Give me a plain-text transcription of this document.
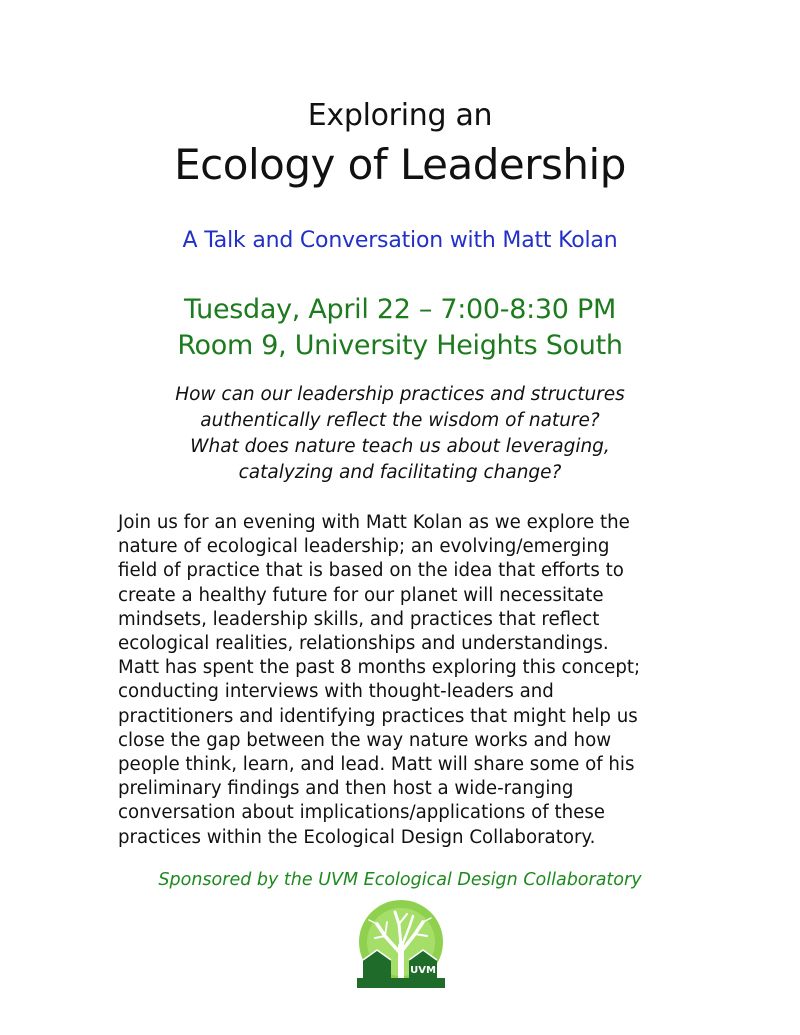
Exploring an
Ecology of Leadership
A Talk and Conversation with Matt Kolan
Tuesday, April 22 – 7:00-8:30 PM
Room 9, University Heights South
How can our leadership practices and structures
authentically reflect the wisdom of nature?
What does nature teach us about leveraging,
catalyzing and facilitating change?
Join us for an evening with Matt Kolan as we explore the
nature of ecological leadership; an evolving/emerging
field of practice that is based on the idea that efforts to
create a healthy future for our planet will necessitate
mindsets, leadership skills, and practices that reflect
ecological realities, relationships and understandings.
Matt has spent the past 8 months exploring this concept;
conducting interviews with thought-leaders and
practitioners and identifying practices that might help us
close the gap between the way nature works and how
people think, learn, and lead. Matt will share some of his
preliminary findings and then host a wide-ranging
conversation about implications/applications of these
practices within the Ecological Design Collaboratory.
Sponsored by the UVM Ecological Design Collaboratory
UVM
